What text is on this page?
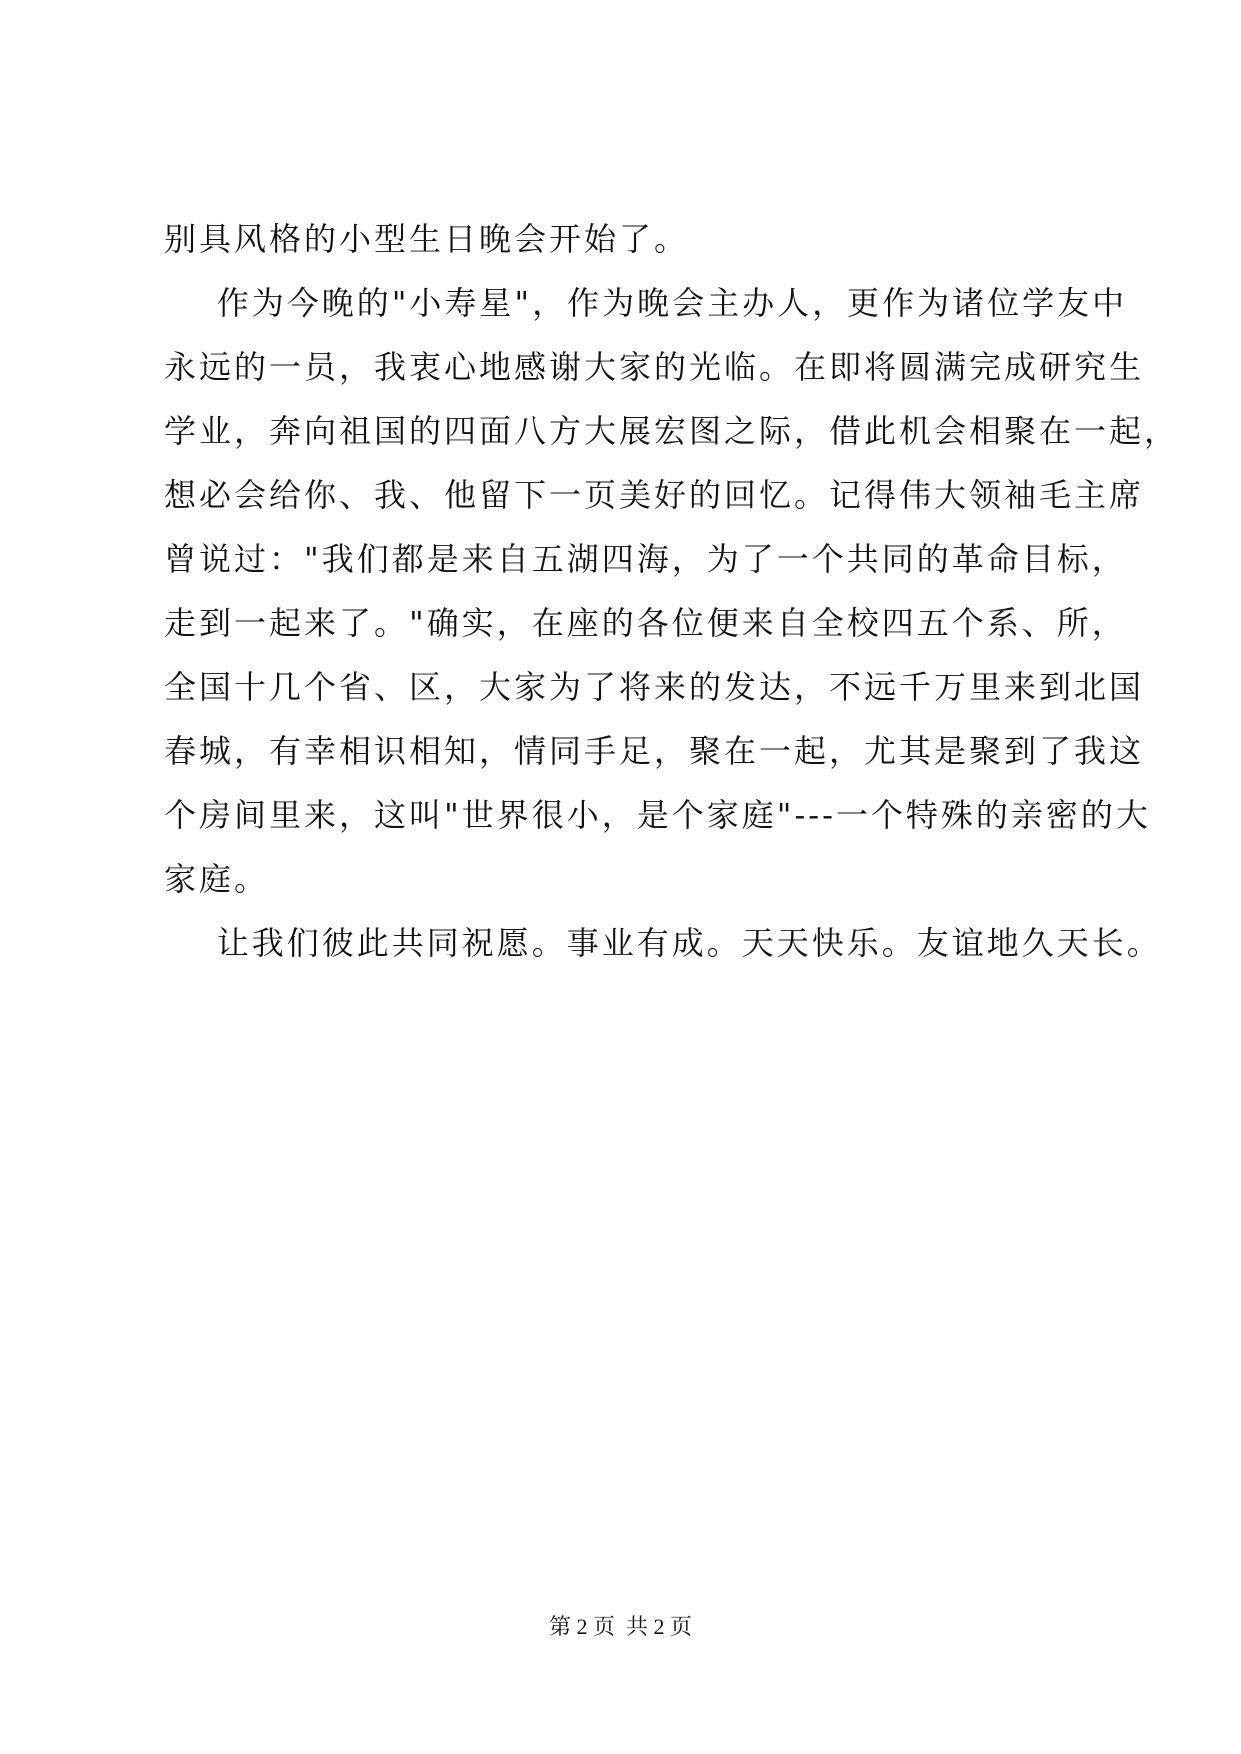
别具风格的小型生日晚会开始了。
作为今晚的"小寿星"，作为晚会主办人，更作为诸位学友中
永远的一员，我衷心地感谢大家的光临。在即将圆满完成研究生
学业，奔向祖国的四面八方大展宏图之际，借此机会相聚在一起，
想必会给你、我、他留下一页美好的回忆。记得伟大领袖毛主席
曾说过："我们都是来自五湖四海，为了一个共同的革命目标，
走到一起来了。"确实，在座的各位便来自全校四五个系、所，
全国十几个省、区，大家为了将来的发达，不远千万里来到北国
春城，有幸相识相知，情同手足，聚在一起，尤其是聚到了我这
个房间里来，这叫"世界很小，是个家庭"---一个特殊的亲密的大
家庭。
让我们彼此共同祝愿。事业有成。天天快乐。友谊地久天长。
第 2 页  共 2 页
